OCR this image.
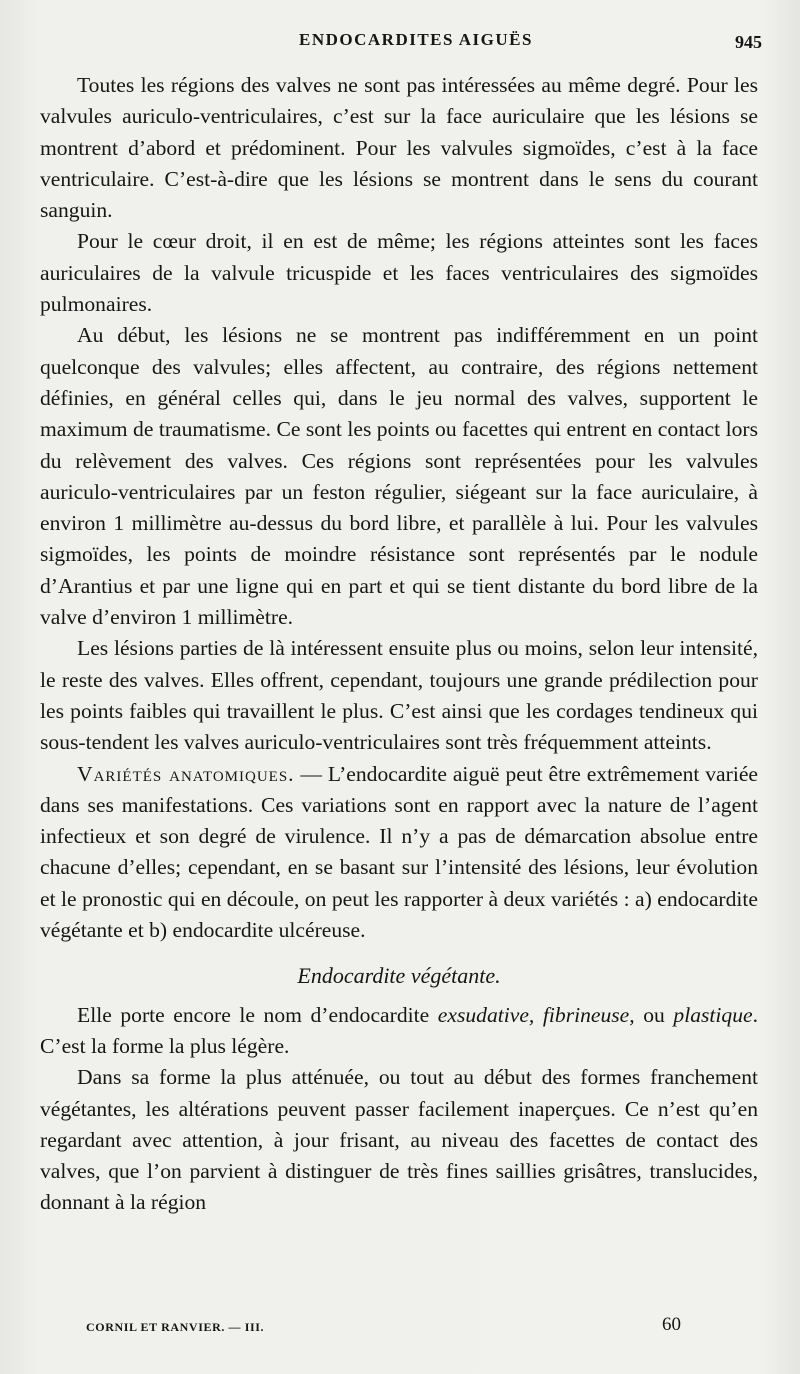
ENDOCARDITES AIGUËS	945

Toutes les régions des valves ne sont pas intéressées au même degré. Pour les valvules auriculo-ventriculaires, c’est sur la face auriculaire que les lésions se montrent d’abord et prédominent. Pour les valvules sigmoïdes, c’est à la face ventriculaire. C’est-à-dire que les lésions se montrent dans le sens du courant sanguin.

Pour le cœur droit, il en est de même; les régions atteintes sont les faces auriculaires de la valvule tricuspide et les faces ventriculaires des sigmoïdes pulmonaires.

Au début, les lésions ne se montrent pas indifféremment en un point quelconque des valvules; elles affectent, au contraire, des régions nettement définies, en général celles qui, dans le jeu normal des valves, supportent le maximum de traumatisme. Ce sont les points ou facettes qui entrent en contact lors du relèvement des valves. Ces régions sont représentées pour les valvules auriculo-ventriculaires par un feston régulier, siégeant sur la face auriculaire, à environ 1 millimètre au-dessus du bord libre, et parallèle à lui. Pour les valvules sigmoïdes, les points de moindre résistance sont représentés par le nodule d’Arantius et par une ligne qui en part et qui se tient distante du bord libre de la valve d’environ 1 millimètre.

Les lésions parties de là intéressent ensuite plus ou moins, selon leur intensité, le reste des valves. Elles offrent, cependant, toujours une grande prédilection pour les points faibles qui travaillent le plus. C’est ainsi que les cordages tendineux qui sous-tendent les valves auriculo-ventriculaires sont très fréquemment atteints.

Variétés anatomiques. — L’endocardite aiguë peut être extrêmement variée dans ses manifestations. Ces variations sont en rapport avec la nature de l’agent infectieux et son degré de virulence. Il n’y a pas de démarcation absolue entre chacune d’elles; cependant, en se basant sur l’intensité des lésions, leur évolution et le pronostic qui en découle, on peut les rapporter à deux variétés : a) endocardite végétante et b) endocardite ulcéreuse.

Endocardite végétante.

Elle porte encore le nom d’endocardite exsudative, fibrineuse, ou plastique. C’est la forme la plus légère.

Dans sa forme la plus atténuée, ou tout au début des formes franchement végétantes, les altérations peuvent passer facilement inaperçues. Ce n’est qu’en regardant avec attention, à jour frisant, au niveau des facettes de contact des valves, que l’on parvient à distinguer de très fines saillies grisâtres, translucides, donnant à la région

CORNIL ET RANVIER. — III.	60
